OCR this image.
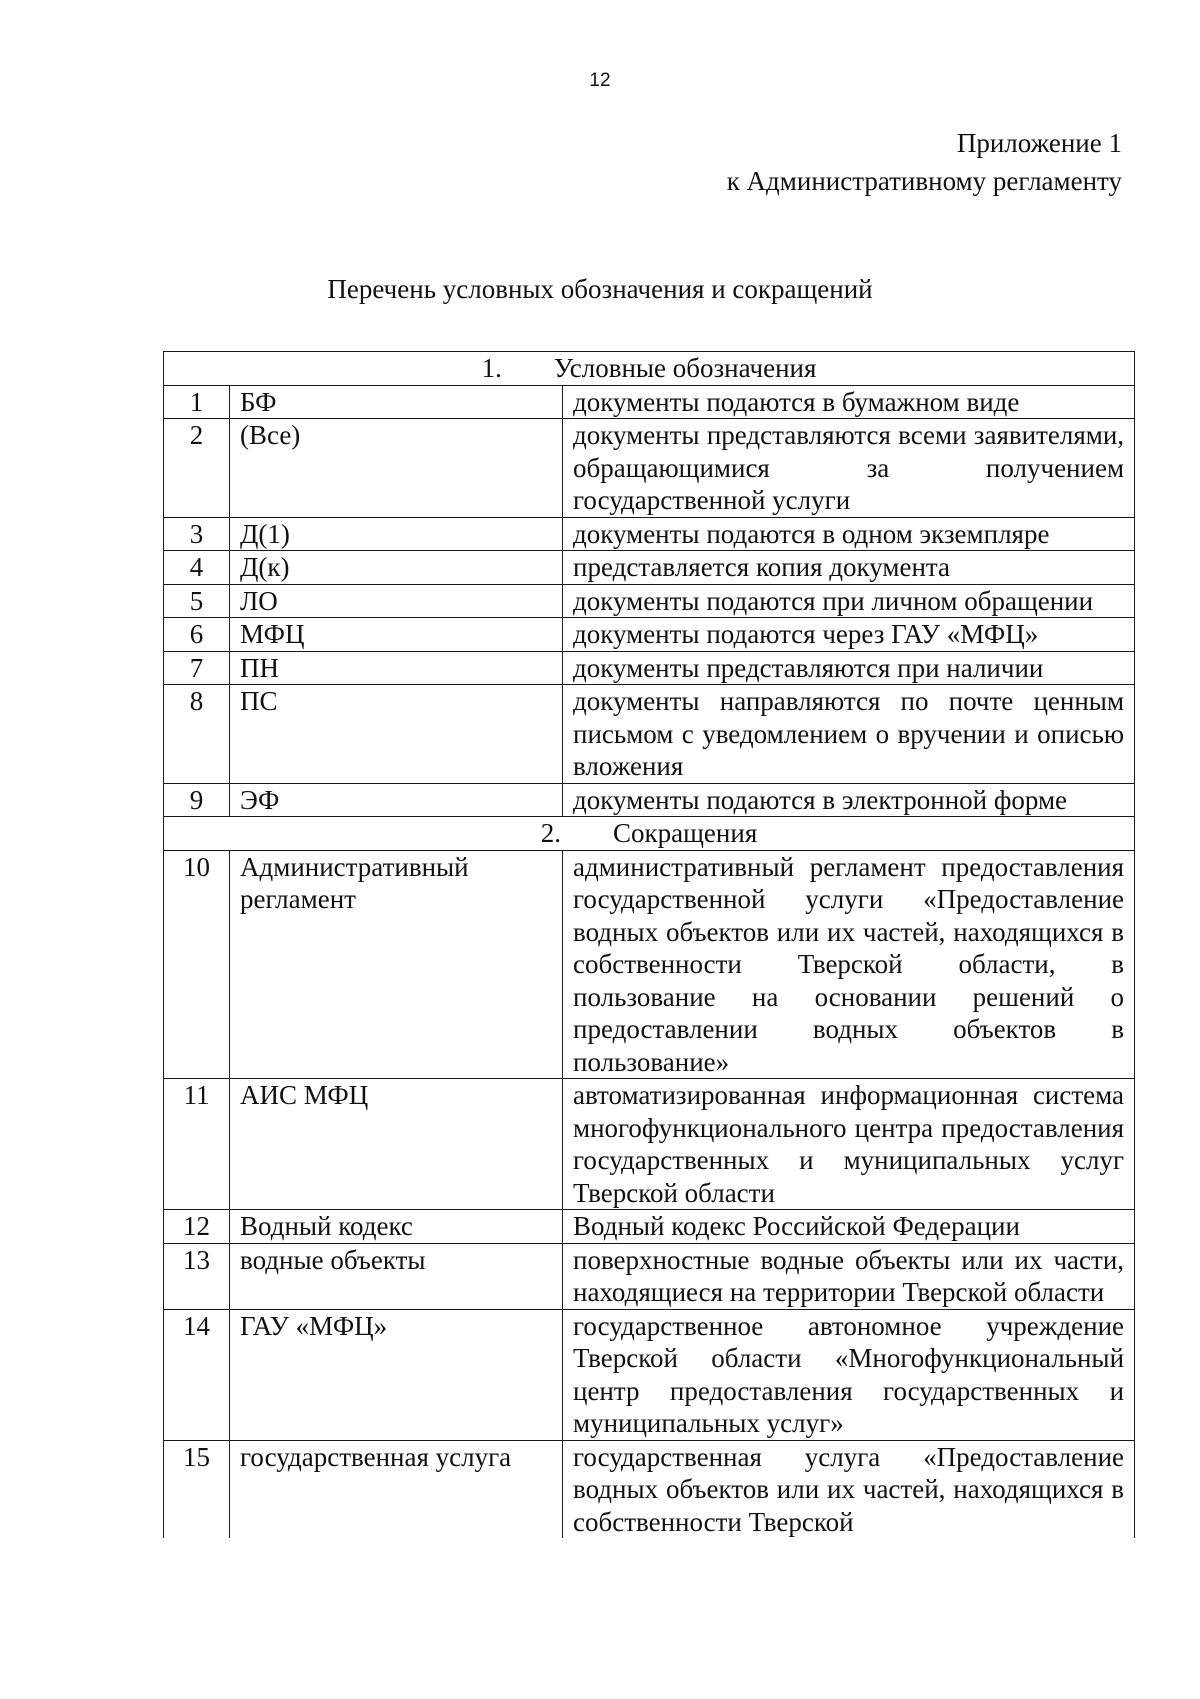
12
Приложение 1
к Административному регламенту
Перечень условных обозначения и сокращений
1. Условные обозначения		
1	БФ	документы подаются в бумажном виде
2	(Все)	документы представляются всеми заявителями, обращающимися за получением государственной услуги
3	Д(1)	документы подаются в одном экземпляре
4	Д(к)	представляется копия документа
5	ЛО	документы подаются при личном обращении
6	МФЦ	документы подаются через ГАУ «МФЦ»
7	ПН	документы представляются при наличии
8	ПС	документы направляются по почте ценным письмом с уведомлением о вручении и описью вложения
9	ЭФ	документы подаются в электронной форме
2. Сокращения		
10	Административный регламент	административный регламент предоставления государственной услуги «Предоставление водных объектов или их частей, находящихся в собственности Тверской области, в пользование на основании решений о предоставлении водных объектов в пользование»
11	АИС МФЦ	автоматизированная информационная система многофункционального центра предоставления государственных и муниципальных услуг Тверской области
12	Водный кодекс	Водный кодекс Российской Федерации
13	водные объекты	поверхностные водные объекты или их части, находящиеся на территории Тверской области
14	ГАУ «МФЦ»	государственное автономное учреждение Тверской области «Многофункциональный центр предоставления государственных и муниципальных услуг»
15	государственная услуга	государственная услуга «Предоставление водных объектов или их частей, находящихся в собственности Тверской
